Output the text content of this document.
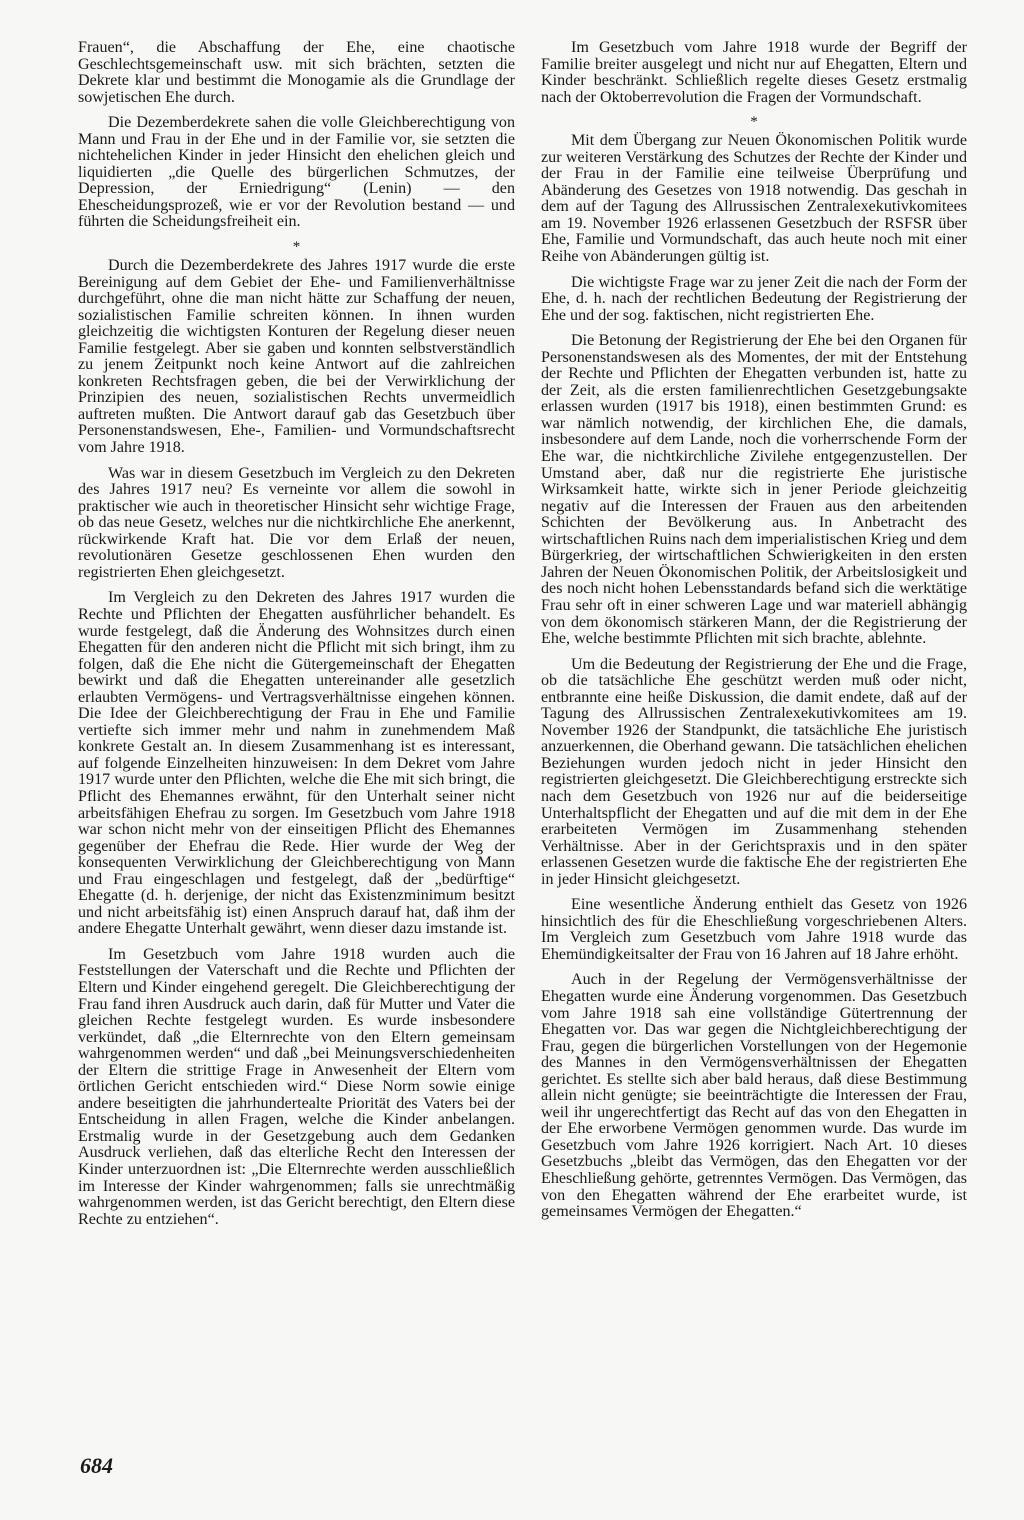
Frauen“, die Abschaffung der Ehe, eine chaotische Geschlechtsgemeinschaft usw. mit sich brächten, setzten die Dekrete klar und bestimmt die Monogamie als die Grundlage der sowjetischen Ehe durch.

Die Dezemberdekrete sahen die volle Gleichberechtigung von Mann und Frau in der Ehe und in der Familie vor, sie setzten die nichtehelichen Kinder in jeder Hinsicht den ehelichen gleich und liquidierten „die Quelle des bürgerlichen Schmutzes, der Depression, der Erniedrigung“ (Lenin) — den Ehescheidungsprozeß, wie er vor der Revolution bestand — und führten die Scheidungsfreiheit ein.

*

Durch die Dezemberdekrete des Jahres 1917 wurde die erste Bereinigung auf dem Gebiet der Ehe- und Familienverhältnisse durchgeführt, ohne die man nicht hätte zur Schaffung der neuen, sozialistischen Familie schreiten können. In ihnen wurden gleichzeitig die wichtigsten Konturen der Regelung dieser neuen Familie festgelegt. Aber sie gaben und konnten selbstverständlich zu jenem Zeitpunkt noch keine Antwort auf die zahlreichen konkreten Rechtsfragen geben, die bei der Verwirklichung der Prinzipien des neuen, sozialistischen Rechts unvermeidlich auftreten mußten. Die Antwort darauf gab das Gesetzbuch über Personenstandswesen, Ehe-, Familien- und Vormundschaftsrecht vom Jahre 1918.

Was war in diesem Gesetzbuch im Vergleich zu den Dekreten des Jahres 1917 neu? Es verneinte vor allem die sowohl in praktischer wie auch in theoretischer Hinsicht sehr wichtige Frage, ob das neue Gesetz, welches nur die nichtkirchliche Ehe anerkennt, rückwirkende Kraft hat. Die vor dem Erlaß der neuen, revolutionären Gesetze geschlossenen Ehen wurden den registrierten Ehen gleichgesetzt.

Im Vergleich zu den Dekreten des Jahres 1917 wurden die Rechte und Pflichten der Ehegatten ausführlicher behandelt. Es wurde festgelegt, daß die Änderung des Wohnsitzes durch einen Ehegatten für den anderen nicht die Pflicht mit sich bringt, ihm zu folgen, daß die Ehe nicht die Gütergemeinschaft der Ehegatten bewirkt und daß die Ehegatten untereinander alle gesetzlich erlaubten Vermögens- und Vertragsverhältnisse eingehen können. Die Idee der Gleichberechtigung der Frau in Ehe und Familie vertiefte sich immer mehr und nahm in zunehmendem Maß konkrete Gestalt an. In diesem Zusammenhang ist es interessant, auf folgende Einzelheiten hinzuweisen: In dem Dekret vom Jahre 1917 wurde unter den Pflichten, welche die Ehe mit sich bringt, die Pflicht des Ehemannes erwähnt, für den Unterhalt seiner nicht arbeitsfähigen Ehefrau zu sorgen. Im Gesetzbuch vom Jahre 1918 war schon nicht mehr von der einseitigen Pflicht des Ehemannes gegenüber der Ehefrau die Rede. Hier wurde der Weg der konsequenten Verwirklichung der Gleichberechtigung von Mann und Frau eingeschlagen und festgelegt, daß der „bedürftige“ Ehegatte (d. h. derjenige, der nicht das Existenzminimum besitzt und nicht arbeitsfähig ist) einen Anspruch darauf hat, daß ihm der andere Ehegatte Unterhalt gewährt, wenn dieser dazu imstande ist.

Im Gesetzbuch vom Jahre 1918 wurden auch die Feststellungen der Vaterschaft und die Rechte und Pflichten der Eltern und Kinder eingehend geregelt. Die Gleichberechtigung der Frau fand ihren Ausdruck auch darin, daß für Mutter und Vater die gleichen Rechte festgelegt wurden. Es wurde insbesondere verkündet, daß „die Elternrechte von den Eltern gemeinsam wahrgenommen werden“ und daß „bei Meinungsverschiedenheiten der Eltern die strittige Frage in Anwesenheit der Eltern vom örtlichen Gericht entschieden wird.“ Diese Norm sowie einige andere beseitigten die jahrhundertealte Priorität des Vaters bei der Entscheidung in allen Fragen, welche die Kinder anbelangen. Erstmalig wurde in der Gesetzgebung auch dem Gedanken Ausdruck verliehen, daß das elterliche Recht den Interessen der Kinder unterzuordnen ist: „Die Elternrechte werden ausschließlich im Interesse der Kinder wahrgenommen; falls sie unrechtmäßig wahrgenommen werden, ist das Gericht berechtigt, den Eltern diese Rechte zu entziehen“.

Im Gesetzbuch vom Jahre 1918 wurde der Begriff der Familie breiter ausgelegt und nicht nur auf Ehegatten, Eltern und Kinder beschränkt. Schließlich regelte dieses Gesetz erstmalig nach der Oktoberrevolution die Fragen der Vormundschaft.

*

Mit dem Übergang zur Neuen Ökonomischen Politik wurde zur weiteren Verstärkung des Schutzes der Rechte der Kinder und der Frau in der Familie eine teilweise Überprüfung und Abänderung des Gesetzes von 1918 notwendig. Das geschah in dem auf der Tagung des Allrussischen Zentralexekutivkomitees am 19. November 1926 erlassenen Gesetzbuch der RSFSR über Ehe, Familie und Vormundschaft, das auch heute noch mit einer Reihe von Abänderungen gültig ist.

Die wichtigste Frage war zu jener Zeit die nach der Form der Ehe, d. h. nach der rechtlichen Bedeutung der Registrierung der Ehe und der sog. faktischen, nicht registrierten Ehe.

Die Betonung der Registrierung der Ehe bei den Organen für Personenstandswesen als des Momentes, der mit der Entstehung der Rechte und Pflichten der Ehegatten verbunden ist, hatte zu der Zeit, als die ersten familienrechtlichen Gesetzgebungsakte erlassen wurden (1917 bis 1918), einen bestimmten Grund: es war nämlich notwendig, der kirchlichen Ehe, die damals, insbesondere auf dem Lande, noch die vorherrschende Form der Ehe war, die nichtkirchliche Zivilehe entgegenzustellen. Der Umstand aber, daß nur die registrierte Ehe juristische Wirksamkeit hatte, wirkte sich in jener Periode gleichzeitig negativ auf die Interessen der Frauen aus den arbeitenden Schichten der Bevölkerung aus. In Anbetracht des wirtschaftlichen Ruins nach dem imperialistischen Krieg und dem Bürgerkrieg, der wirtschaftlichen Schwierigkeiten in den ersten Jahren der Neuen Ökonomischen Politik, der Arbeitslosigkeit und des noch nicht hohen Lebensstandards befand sich die werktätige Frau sehr oft in einer schweren Lage und war materiell abhängig von dem ökonomisch stärkeren Mann, der die Registrierung der Ehe, welche bestimmte Pflichten mit sich brachte, ablehnte.

Um die Bedeutung der Registrierung der Ehe und die Frage, ob die tatsächliche Ehe geschützt werden muß oder nicht, entbrannte eine heiße Diskussion, die damit endete, daß auf der Tagung des Allrussischen Zentralexekutivkomitees am 19. November 1926 der Standpunkt, die tatsächliche Ehe juristisch anzuerkennen, die Oberhand gewann. Die tatsächlichen ehelichen Beziehungen wurden jedoch nicht in jeder Hinsicht den registrierten gleichgesetzt. Die Gleichberechtigung erstreckte sich nach dem Gesetzbuch von 1926 nur auf die beiderseitige Unterhaltspflicht der Ehegatten und auf die mit dem in der Ehe erarbeiteten Vermögen im Zusammenhang stehenden Verhältnisse. Aber in der Gerichtspraxis und in den später erlassenen Gesetzen wurde die faktische Ehe der registrierten Ehe in jeder Hinsicht gleichgesetzt.

Eine wesentliche Änderung enthielt das Gesetz von 1926 hinsichtlich des für die Eheschließung vorgeschriebenen Alters. Im Vergleich zum Gesetzbuch vom Jahre 1918 wurde das Ehemündigkeitsalter der Frau von 16 Jahren auf 18 Jahre erhöht.

Auch in der Regelung der Vermögensverhältnisse der Ehegatten wurde eine Änderung vorgenommen. Das Gesetzbuch vom Jahre 1918 sah eine vollständige Gütertrennung der Ehegatten vor. Das war gegen die Nichtgleichberechtigung der Frau, gegen die bürgerlichen Vorstellungen von der Hegemonie des Mannes in den Vermögensverhältnissen der Ehegatten gerichtet. Es stellte sich aber bald heraus, daß diese Bestimmung allein nicht genügte; sie beeinträchtigte die Interessen der Frau, weil ihr ungerechtfertigt das Recht auf das von den Ehegatten in der Ehe erworbene Vermögen genommen wurde. Das wurde im Gesetzbuch vom Jahre 1926 korrigiert. Nach Art. 10 dieses Gesetzbuchs „bleibt das Vermögen, das den Ehegatten vor der Eheschließung gehörte, getrenntes Vermögen. Das Vermögen, das von den Ehegatten während der Ehe erarbeitet wurde, ist gemeinsames Vermögen der Ehegatten.“

684
